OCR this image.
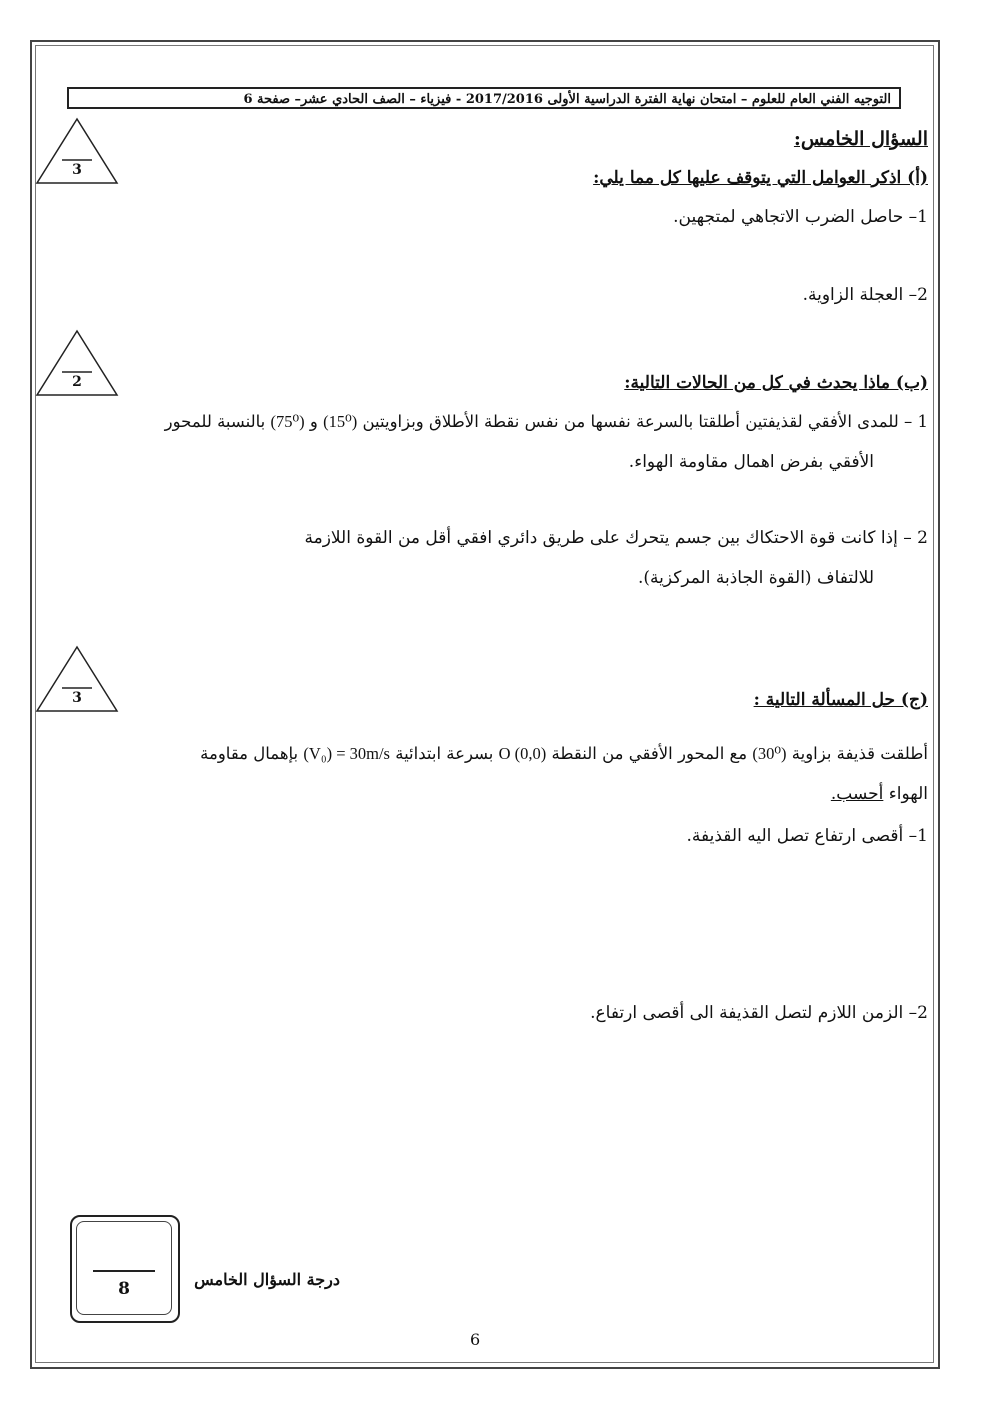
التوجيه الفني العام للعلوم – امتحان نهاية الفترة الدراسية الأولى 2017/2016 - فيزياء – الصف الحادي عشر– صفحة 6
السؤال الخامس:
3	(أ) اذكر العوامل التي يتوقف عليها كل مما يلي:
1– حاصل الضرب الاتجاهي لمتجهين.
2– العجلة الزاوية.
2	(ب) ماذا يحدث في كل من الحالات التالية:
1 – للمدى الأفقي لقذيفتين أطلقتا بالسرعة نفسها من نفس نقطة الأطلاق وبزاويتين (15⁰) و (75⁰) بالنسبة للمحور
الأفقي بفرض اهمال مقاومة الهواء.
2 – إذا كانت قوة الاحتكاك بين جسم يتحرك على طريق دائري افقي أقل من القوة اللازمة
للالتفاف (القوة الجاذبة المركزية).
3	(ج) حل المسألة التالية :
أطلقت قذيفة بزاوية (30⁰) مع المحور الأفقي من النقطة O (0,0) بسرعة ابتدائية (V₀) = 30m/s بإهمال مقاومة
الهواء أحسب.
1– أقصى ارتفاع تصل اليه القذيفة.
2– الزمن اللازم لتصل القذيفة الى أقصى ارتفاع.
8	درجة السؤال الخامس
6
